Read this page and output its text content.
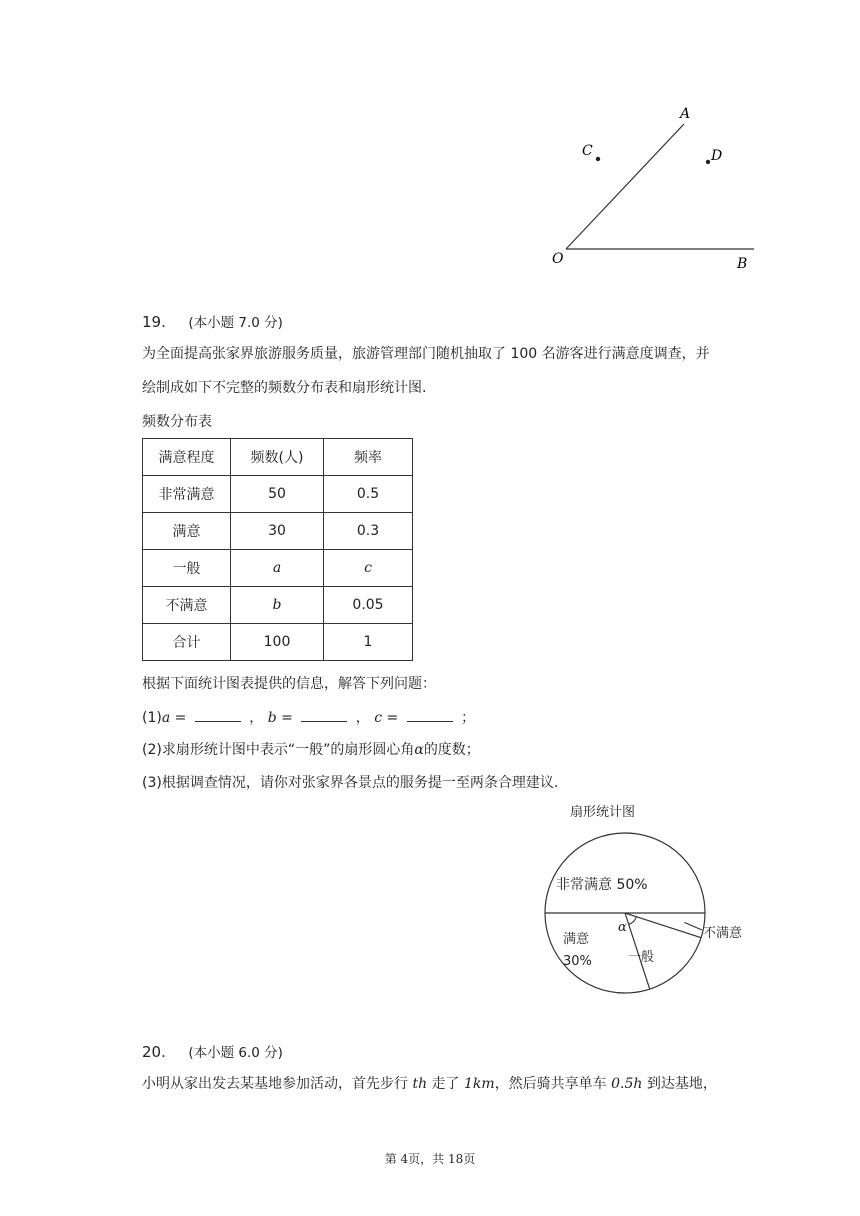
A
C	D
O	B
19. (本小题 7.0 分)
为全面提高张家界旅游服务质量，旅游管理部门随机抽取了 100 名游客进行满意度调查，并
绘制成如下不完整的频数分布表和扇形统计图.
频数分布表
满意程度	频数(人)	频率
非常满意	50	0.5
满意	30	0.3
一般	a	c
不满意	b	0.05
合计	100	1
根据下面统计图表提供的信息，解答下列问题：
(1)a =	， b =	， c =	；
(2)求扇形统计图中表示“一般”的扇形圆心角α的度数；
(3)根据调查情况，请你对张家界各景点的服务提一至两条合理建议.
扇形统计图
非常满意 50%
满意
30%	一般
不满意
α
20. (本小题 6.0 分)
小明从家出发去某基地参加活动，首先步行 th 走了 1km，然后骑共享单车 0.5h 到达基地，
第 4页，共 18页
